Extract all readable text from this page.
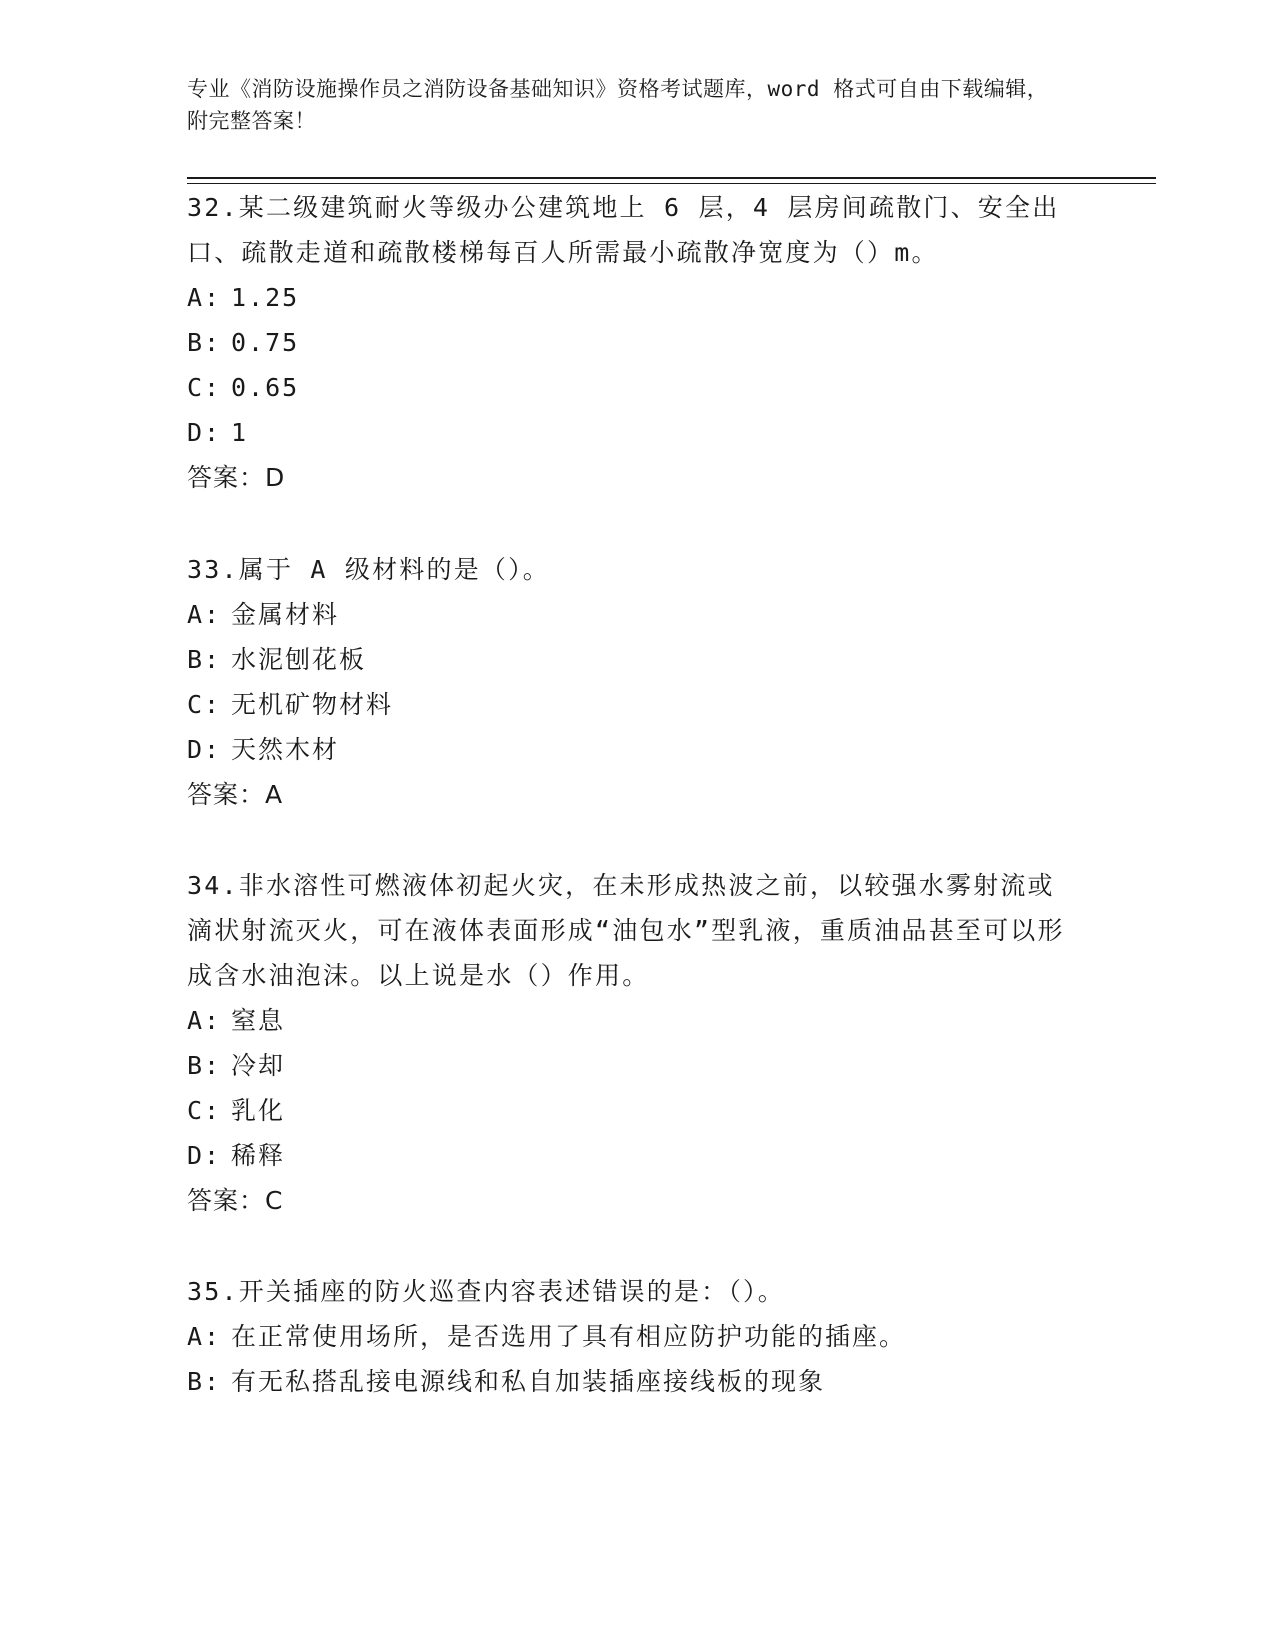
专业《消防设施操作员之消防设备基础知识》资格考试题库，word 格式可自由下载编辑，附完整答案！

32.某二级建筑耐火等级办公建筑地上 6 层，4 层房间疏散门、安全出口、疏散走道和疏散楼梯每百人所需最小疏散净宽度为（）m。

A: 1.25

B: 0.75

C: 0.65

D: 1

答案：D

33.属于 A 级材料的是（）。

A: 金属材料

B: 水泥刨花板

C: 无机矿物材料

D: 天然木材

答案：A

34.非水溶性可燃液体初起火灾，在未形成热波之前，以较强水雾射流或滴状射流灭火，可在液体表面形成“油包水”型乳液，重质油品甚至可以形成含水油泡沫。以上说是水（）作用。

A: 窒息

B: 冷却

C: 乳化

D: 稀释

答案：C

35.开关插座的防火巡查内容表述错误的是：（）。

A: 在正常使用场所，是否选用了具有相应防护功能的插座。

B: 有无私搭乱接电源线和私自加装插座接线板的现象
